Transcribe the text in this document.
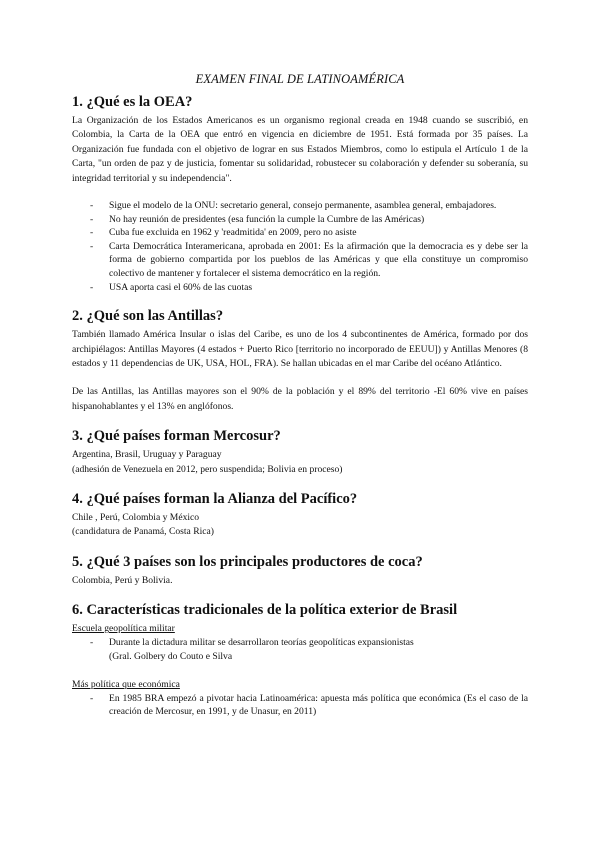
EXAMEN FINAL DE LATINOAMÉRICA
1. ¿Qué es la OEA?

La Organización de los Estados Americanos es un organismo regional creada en 1948 cuando se suscribió, en Colombia, la Carta de la OEA que entró en vigencia en diciembre de 1951. Está formada por 35 países. La Organización fue fundada con el objetivo de lograr en sus Estados Miembros, como lo estipula el Artículo 1 de la Carta, "un orden de paz y de justicia, fomentar su solidaridad, robustecer su colaboración y defender su soberanía, su integridad territorial y su independencia".

- Sigue el modelo de la ONU: secretario general, consejo permanente, asamblea general, embajadores.
- No hay reunión de presidentes (esa función la cumple la Cumbre de las Américas)
- Cuba fue excluida en 1962 y 'readmitida' en 2009, pero no asiste
- Carta Democrática Interamericana, aprobada en 2001: Es la afirmación que la democracia es y debe ser la forma de gobierno compartida por los pueblos de las Américas y que ella constituye un compromiso colectivo de mantener y fortalecer el sistema democrático en la región.
- USA aporta casi el 60% de las cuotas
2. ¿Qué son las Antillas?

También llamado América Insular o islas del Caribe, es uno de los 4 subcontinentes de América, formado por dos archipiélagos: Antillas Mayores (4 estados + Puerto Rico [territorio no incorporado de EEUU]) y Antillas Menores (8 estados y 11 dependencias de UK, USA, HOL, FRA). Se hallan ubicadas en el mar Caribe del océano Atlántico.

De las Antillas, las Antillas mayores son el 90% de la población y el 89% del territorio -El 60% vive en países hispanohablantes y el 13% en anglófonos.

3. ¿Qué países forman Mercosur?

Argentina, Brasil, Uruguay y Paraguay

(adhesión de Venezuela en 2012, pero suspendida; Bolivia en proceso)

4. ¿Qué países forman la Alianza del Pacífico?

Chile , Perú, Colombia y México

(candidatura de Panamá, Costa Rica)

5. ¿Qué 3 países son los principales productores de coca?

Colombia, Perú y Bolivia.

6. Características tradicionales de la política exterior de Brasil
Escuela geopolítica militar
- Durante la dictadura militar se desarrollaron teorías geopolíticas expansionistas
(Gral. Golbery do Couto e Silva
Más política que económica
- En 1985 BRA empezó a pivotar hacia Latinoamérica: apuesta más política que económica (Es el caso de la creación de Mercosur, en 1991, y de Unasur, en 2011)
